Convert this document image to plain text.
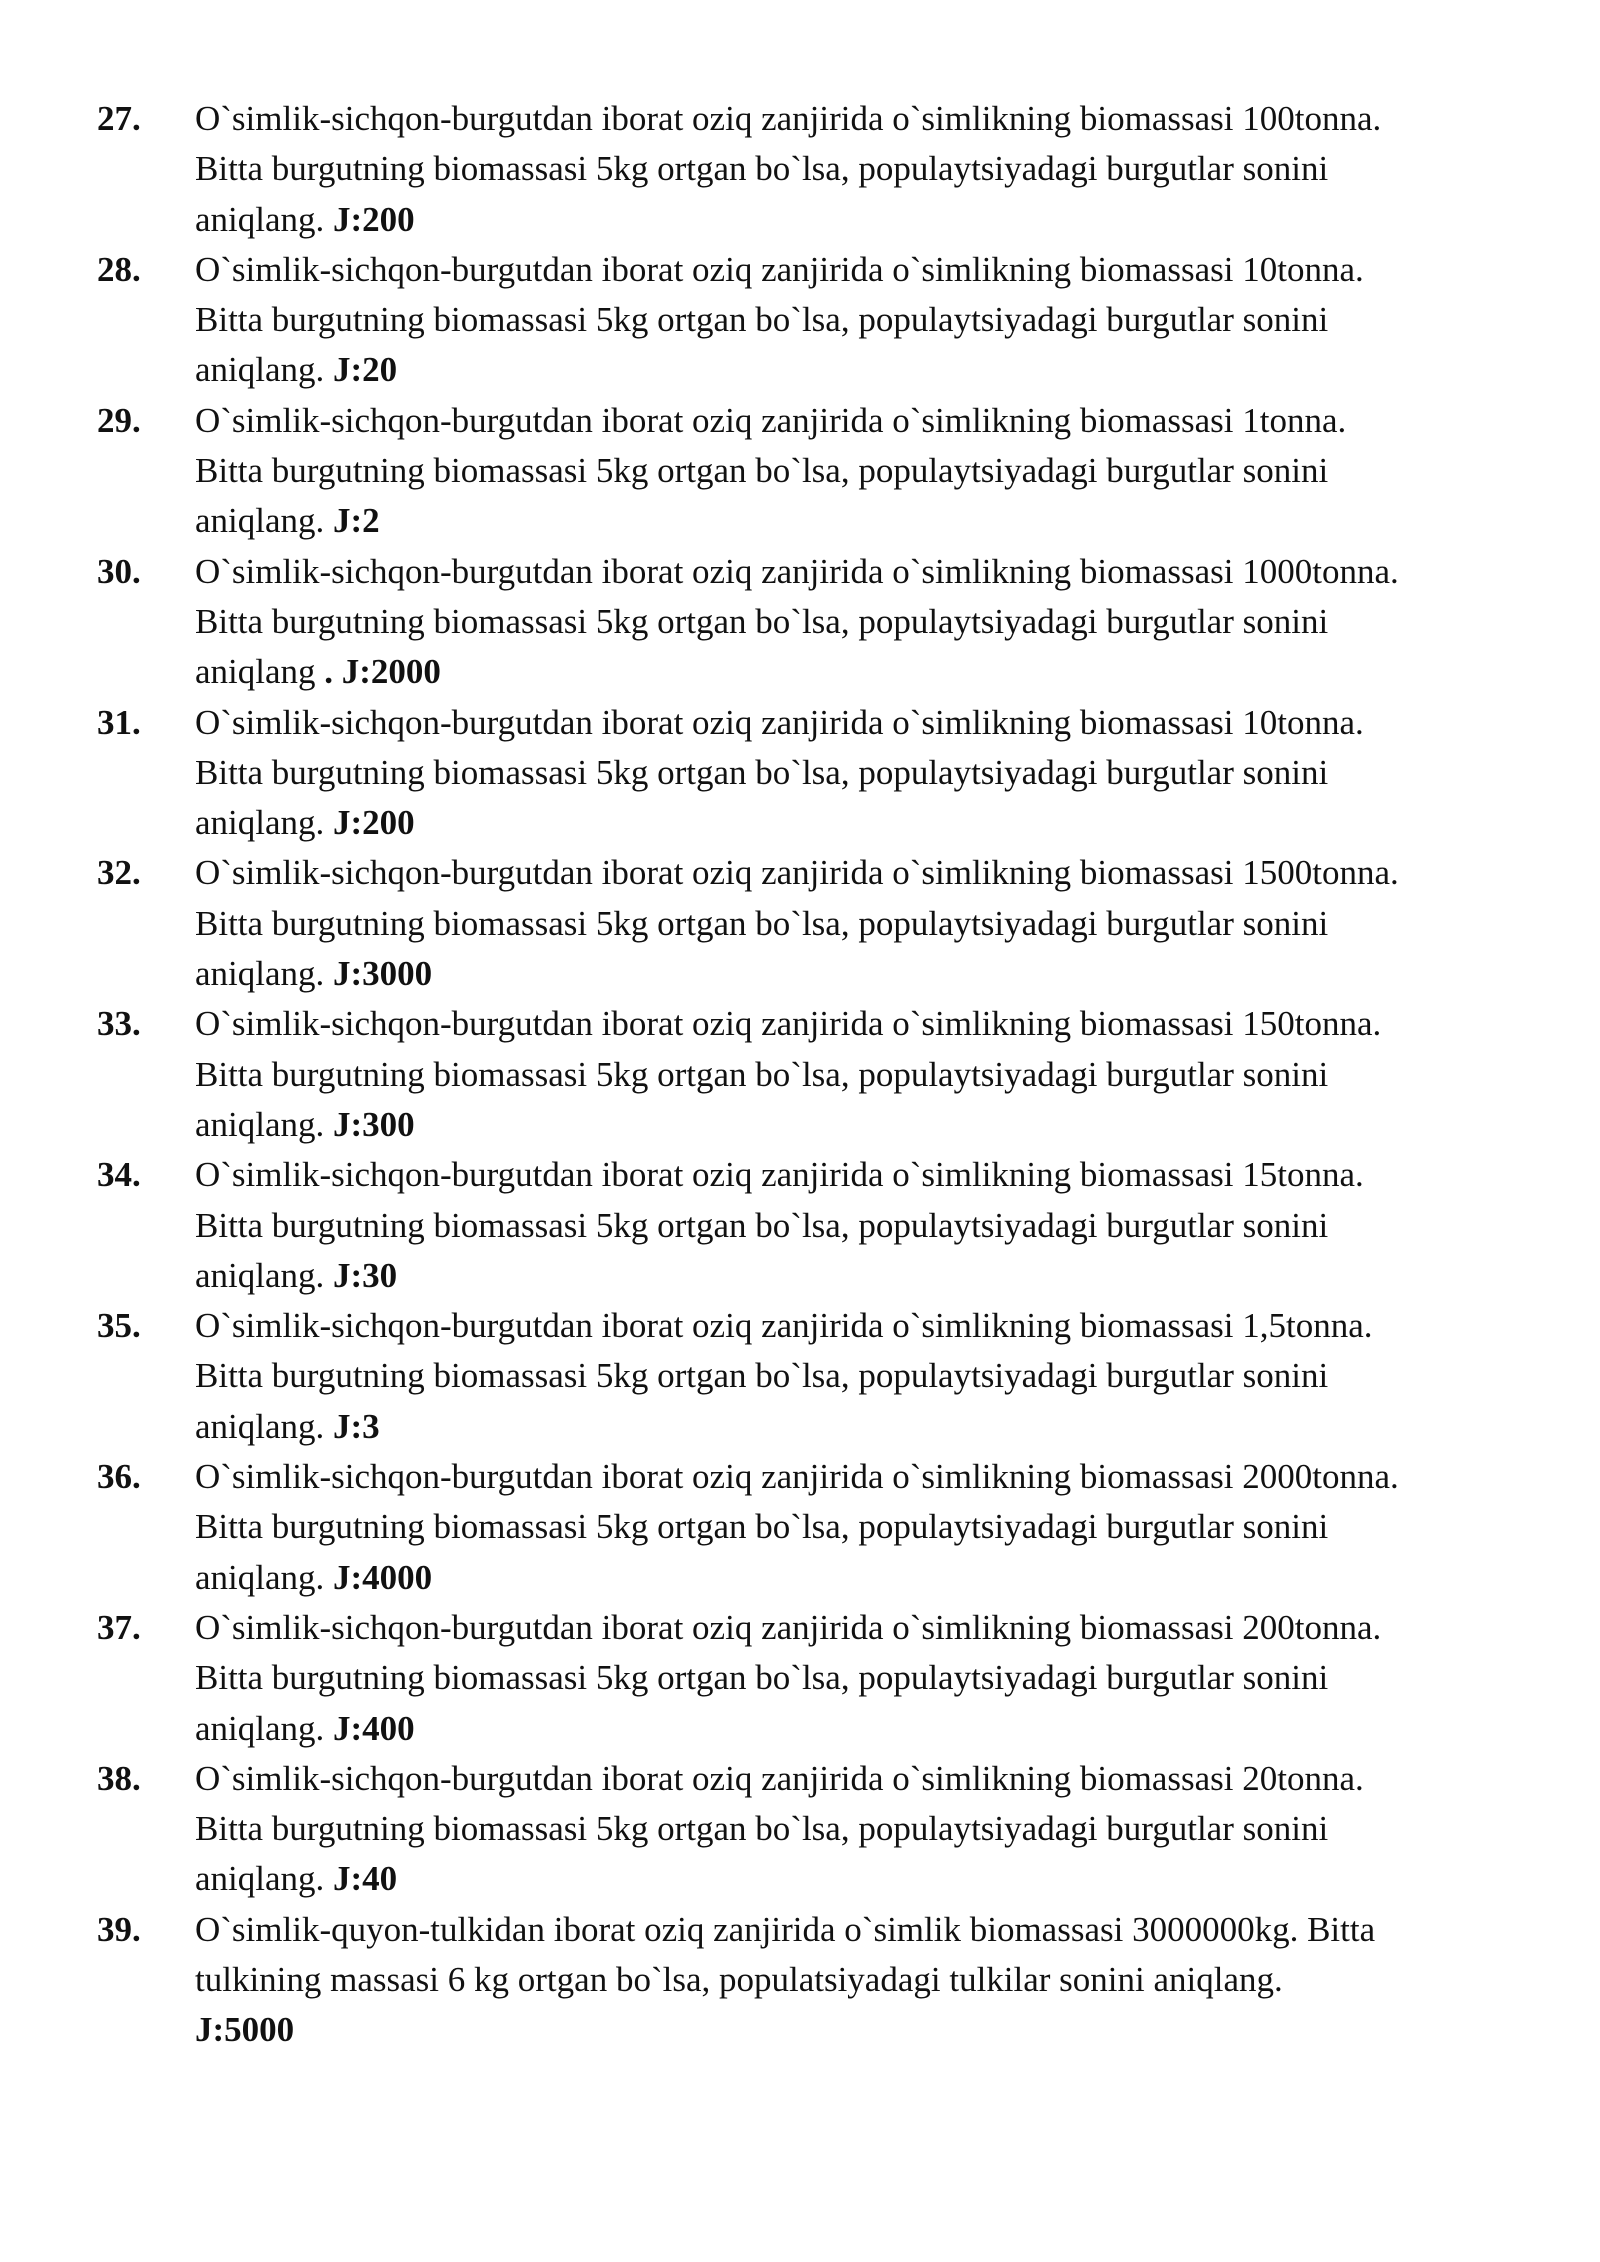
27. O`simlik-sichqon-burgutdan iborat oziq zanjirida o`simlikning biomassasi 100tonna.
Bitta burgutning biomassasi 5kg ortgan bo`lsa, populaytsiyadagi burgutlar sonini
aniqlang. J:200
28. O`simlik-sichqon-burgutdan iborat oziq zanjirida o`simlikning biomassasi 10tonna.
Bitta burgutning biomassasi 5kg ortgan bo`lsa, populaytsiyadagi burgutlar sonini
aniqlang. J:20
29. O`simlik-sichqon-burgutdan iborat oziq zanjirida o`simlikning biomassasi 1tonna.
Bitta burgutning biomassasi 5kg ortgan bo`lsa, populaytsiyadagi burgutlar sonini
aniqlang. J:2
30. O`simlik-sichqon-burgutdan iborat oziq zanjirida o`simlikning biomassasi 1000tonna.
Bitta burgutning biomassasi 5kg ortgan bo`lsa, populaytsiyadagi burgutlar sonini
aniqlang . J:2000
31. O`simlik-sichqon-burgutdan iborat oziq zanjirida o`simlikning biomassasi 10tonna.
Bitta burgutning biomassasi 5kg ortgan bo`lsa, populaytsiyadagi burgutlar sonini
aniqlang. J:200
32. O`simlik-sichqon-burgutdan iborat oziq zanjirida o`simlikning biomassasi 1500tonna.
Bitta burgutning biomassasi 5kg ortgan bo`lsa, populaytsiyadagi burgutlar sonini
aniqlang. J:3000
33. O`simlik-sichqon-burgutdan iborat oziq zanjirida o`simlikning biomassasi 150tonna.
Bitta burgutning biomassasi 5kg ortgan bo`lsa, populaytsiyadagi burgutlar sonini
aniqlang. J:300
34. O`simlik-sichqon-burgutdan iborat oziq zanjirida o`simlikning biomassasi 15tonna.
Bitta burgutning biomassasi 5kg ortgan bo`lsa, populaytsiyadagi burgutlar sonini
aniqlang. J:30
35. O`simlik-sichqon-burgutdan iborat oziq zanjirida o`simlikning biomassasi 1,5tonna.
Bitta burgutning biomassasi 5kg ortgan bo`lsa, populaytsiyadagi burgutlar sonini
aniqlang. J:3
36. O`simlik-sichqon-burgutdan iborat oziq zanjirida o`simlikning biomassasi 2000tonna.
Bitta burgutning biomassasi 5kg ortgan bo`lsa, populaytsiyadagi burgutlar sonini
aniqlang. J:4000
37. O`simlik-sichqon-burgutdan iborat oziq zanjirida o`simlikning biomassasi 200tonna.
Bitta burgutning biomassasi 5kg ortgan bo`lsa, populaytsiyadagi burgutlar sonini
aniqlang. J:400
38. O`simlik-sichqon-burgutdan iborat oziq zanjirida o`simlikning biomassasi 20tonna.
Bitta burgutning biomassasi 5kg ortgan bo`lsa, populaytsiyadagi burgutlar sonini
aniqlang. J:40
39. O`simlik-quyon-tulkidan iborat oziq zanjirida o`simlik biomassasi 3000000kg. Bitta
tulkining massasi 6 kg ortgan bo`lsa, populatsiyadagi tulkilar sonini aniqlang.
J:5000
